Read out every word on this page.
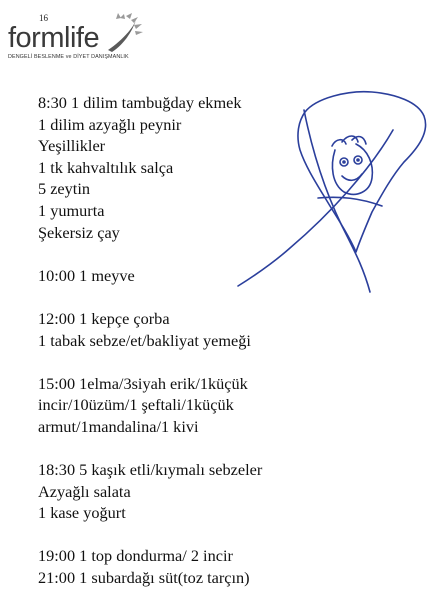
16
formlife
DENGELİ BESLENME ve DİYET DANIŞMANLIK
8:30 1 dilim tambuğday ekmek
1 dilim azyağlı peynir
Yeşillikler
1 tk kahvaltılık salça
5 zeytin
1 yumurta
Şekersiz çay
10:00 1 meyve
12:00 1 kepçe çorba
1 tabak sebze/et/bakliyat yemeği
15:00 1elma/3siyah erik/1küçük
incir/10üzüm/1 şeftali/1küçük
armut/1mandalina/1 kivi
18:30 5 kaşık etli/kıymalı sebzeler
Azyağlı salata
1 kase yoğurt
19:00 1 top dondurma/ 2 incir
21:00 1 subardağı süt(toz tarçın)
